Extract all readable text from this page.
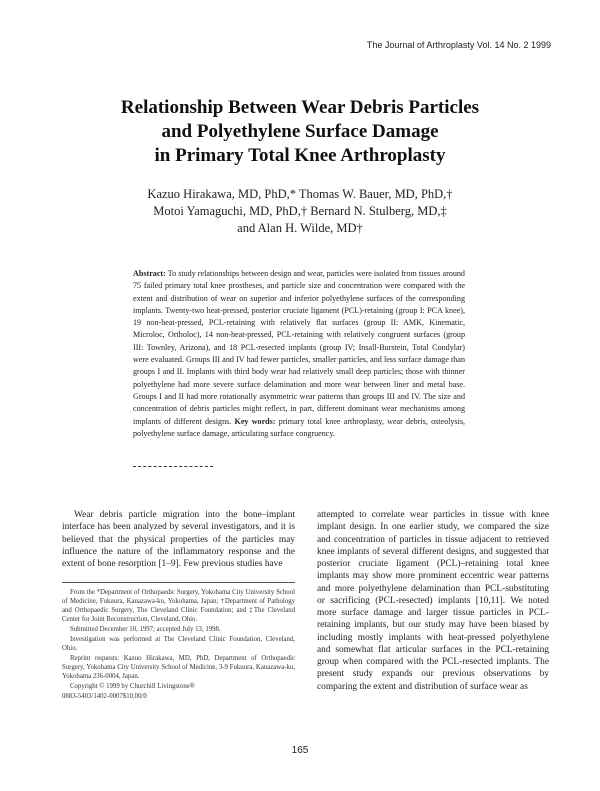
The Journal of Arthroplasty Vol. 14 No. 2 1999
Relationship Between Wear Debris Particles
and Polyethylene Surface Damage
in Primary Total Knee Arthroplasty
Kazuo Hirakawa, MD, PhD,* Thomas W. Bauer, MD, PhD,†
Motoi Yamaguchi, MD, PhD,† Bernard N. Stulberg, MD,‡
and Alan H. Wilde, MD†
Abstract: To study relationships between design and wear, particles were isolated from tissues around 75 failed primary total knee prostheses, and particle size and concentration were compared with the extent and distribution of wear on superior and inferior polyethylene surfaces of the corresponding implants. Twenty-two heat-pressed, posterior cruciate ligament (PCL)-retaining (group I: PCA knee), 19 non-heat-pressed, PCL-retaining with relatively flat surfaces (group II: AMK, Kinematic, Microloc, Ortholoc), 14 non-heat-pressed, PCL-retaining with relatively congruent surfaces (group III: Townley, Arizona), and 18 PCL-resected implants (group IV; Insall-Burstein, Total Condylar) were evaluated. Groups III and IV had fewer particles, smaller particles, and less surface damage than groups I and II. Implants with third body wear had relatively small deep particles; those with thinner polyethylene had more severe surface delamination and more wear between liner and metal base. Groups I and II had more rotationally asymmetric wear patterns than groups III and IV. The size and concentration of debris particles might reflect, in part, different dominant wear mechanisms among implants of different designs. Key words: primary total knee arthroplasty, wear debris, osteolysis, polyethylene surface damage, articulating surface congruency.

Wear debris particle migration into the bone–implant interface has been analyzed by several investigators, and it is believed that the physical properties of the particles may influence the nature of the inflammatory response and the extent of bone resorption [1–9]. Few previous studies have

From the *Department of Orthopaedic Surgery, Yokohama City University School of Medicine, Fukuura, Kanazawa-ku, Yokohama, Japan; †Department of Pathology and Orthopaedic Surgery, The Cleveland Clinic Foundation; and ‡The Cleveland Center for Joint Reconstruction, Cleveland, Ohio.

Submitted December 10, 1997; accepted July 13, 1998.

Investigation was performed at The Cleveland Clinic Foundation, Cleveland, Ohio.

Reprint requests: Kazuo Hirakawa, MD, PhD, Department of Orthopaedic Surgery, Yokohama City University School of Medicine, 3-9 Fukuura, Kanazawa-ku, Yokohama 236-0004, Japan.

Copyright © 1999 by Churchill Livingstone®

0883-5403/1402-0007$10.00/0

attempted to correlate wear particles in tissue with knee implant design. In one earlier study, we compared the size and concentration of particles in tissue adjacent to retrieved knee implants of several different designs, and suggested that posterior cruciate ligament (PCL)–retaining total knee implants may show more prominent eccentric wear patterns and more polyethylene delamination than PCL-substituting or sacrificing (PCL-resected) implants [10,11]. We noted more surface damage and larger tissue particles in PCL-retaining implants, but our study may have been biased by including mostly implants with heat-pressed polyethylene and somewhat flat articular surfaces in the PCL-retaining group when compared with the PCL-resected implants. The present study expands our previous observations by comparing the extent and distribution of surface wear as

165
